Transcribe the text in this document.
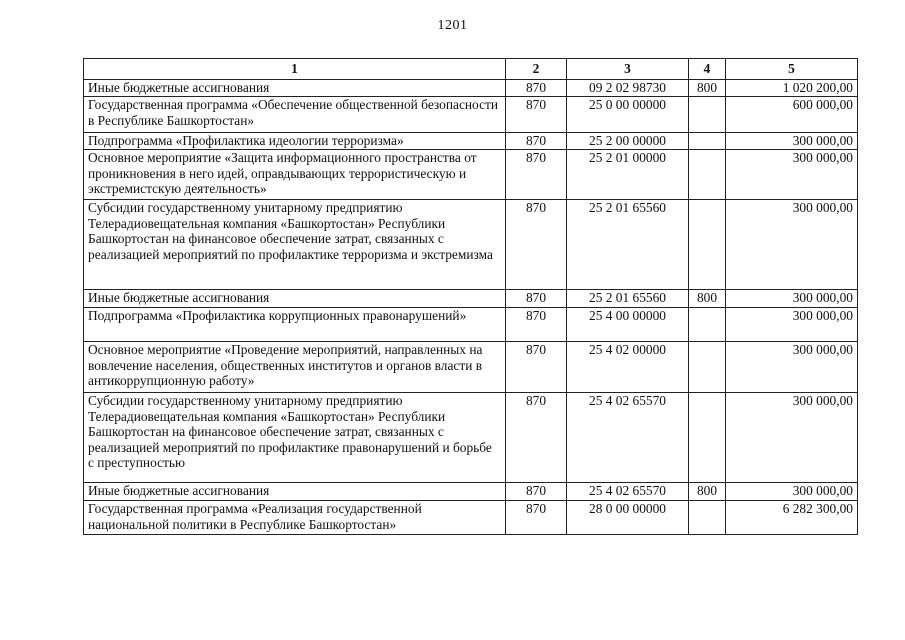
1201
1	2	3	4	5
Иные бюджетные ассигнования	870	09 2 02 98730	800	1 020 200,00
Государственная программа «Обеспечение общественной безопасности в Республике Башкортостан»	870	25 0 00 00000		600 000,00
Подпрограмма «Профилактика идеологии терроризма»	870	25 2 00 00000		300 000,00
Основное мероприятие «Защита информационного пространства от проникновения в него идей, оправдывающих террористическую и экстремистскую деятельность»	870	25 2 01 00000		300 000,00
Субсидии государственному унитарному предприятию Телерадиовещательная компания «Башкортостан» Республики Башкортостан на финансовое обеспечение затрат, связанных с реализацией мероприятий по профилактике терроризма и экстремизма	870	25 2 01 65560		300 000,00
Иные бюджетные ассигнования	870	25 2 01 65560	800	300 000,00
Подпрограмма «Профилактика коррупционных правонарушений»	870	25 4 00 00000		300 000,00
Основное мероприятие «Проведение мероприятий, направленных на вовлечение населения, общественных институтов и органов власти в антикоррупционную работу»	870	25 4 02 00000		300 000,00
Субсидии государственному унитарному предприятию Телерадиовещательная компания «Башкортостан» Республики Башкортостан на финансовое обеспечение затрат, связанных с реализацией мероприятий по профилактике правонарушений и борьбе с преступностью	870	25 4 02 65570		300 000,00
Иные бюджетные ассигнования	870	25 4 02 65570	800	300 000,00
Государственная программа «Реализация государственной национальной политики в Республике Башкортостан»	870	28 0 00 00000		6 282 300,00
